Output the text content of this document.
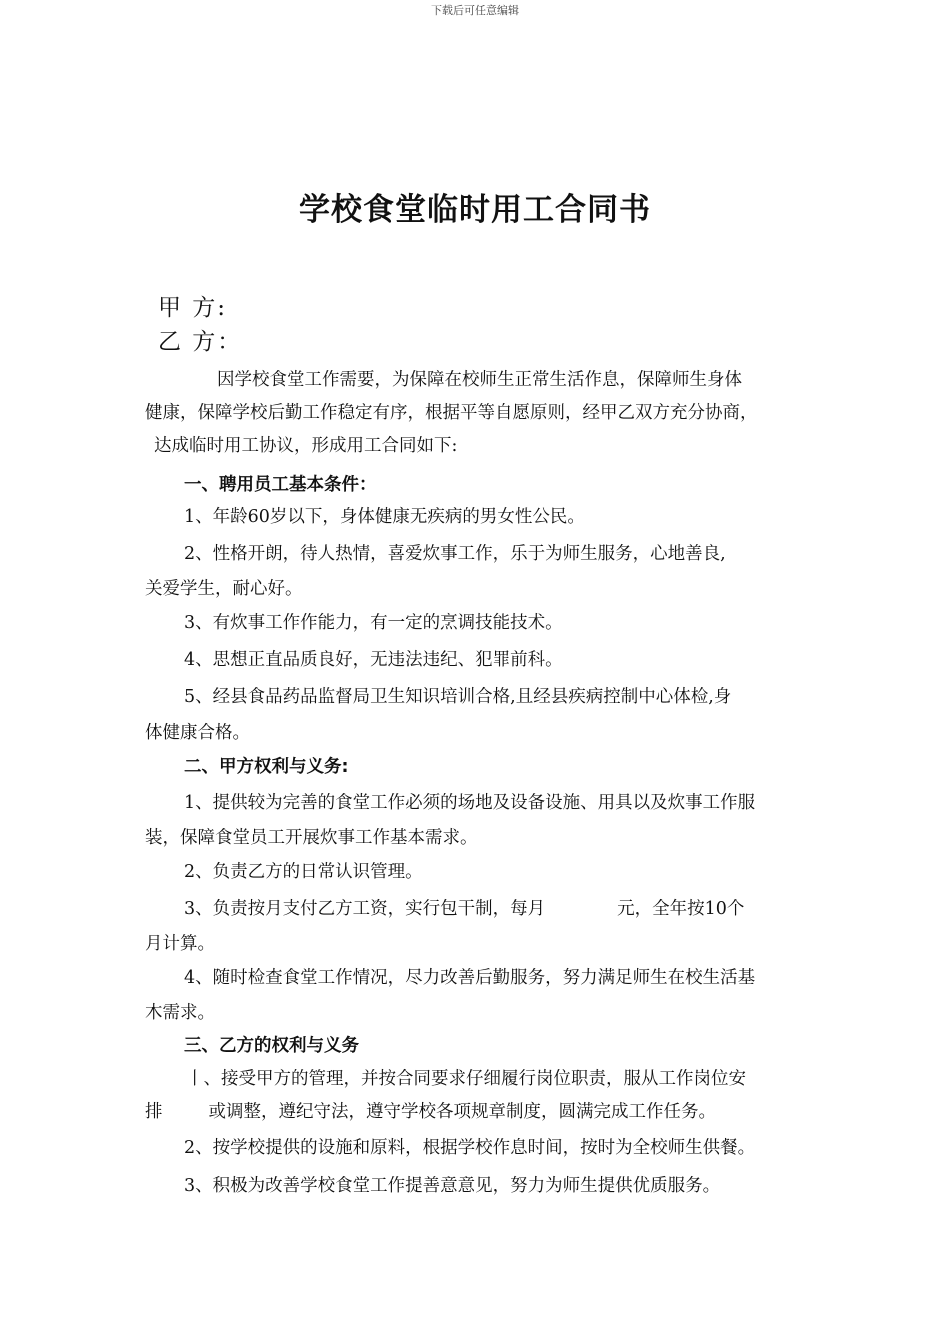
下载后可任意编辑
学校食堂临时用工合同书
甲 方:
乙 方：
因学校食堂工作需要，为保障在校师生正常生活作息，保障师生身体
健康，保障学校后勤工作稳定有序，根据平等自愿原则，经甲乙双方充分协商，
达成临时用工协议，形成用工合同如下:
一、聘用员工基本条件：
1、年龄60岁以下，身体健康无疾病的男女性公民。
2、性格开朗，待人热情，喜爱炊事工作，乐于为师生服务，心地善良,
关爱学生，耐心好。
3、有炊事工作作能力，有一定的烹调技能技术。
4、思想正直品质良好，无违法违纪、犯罪前科。
5、经县食品药品监督局卫生知识培训合格,且经县疾病控制中心体检,身
体健康合格。
二、甲方权利与义务:
1、提供较为完善的食堂工作必须的场地及设备设施、用具以及炊事工作服
装，保障食堂员工开展炊事工作基本需求。
2、负责乙方的日常认识管理。
3、负责按月支付乙方工资，实行包干制，每月	元，全年按10个
月计算。
4、随时检查食堂工作情况，尽力改善后勤服务，努力满足师生在校生活基
木需求。
三、乙方的权利与义务
丨、接受甲方的管理，并按合同要求仔细履行岗位职责，服从工作岗位安
排	或调整，遵纪守法，遵守学校各项规章制度，圆满完成工作任务。
2、按学校提供的设施和原料，根据学校作息时间，按时为全校师生供餐。
3、积极为改善学校食堂工作提善意意见，努力为师生提供优质服务。
